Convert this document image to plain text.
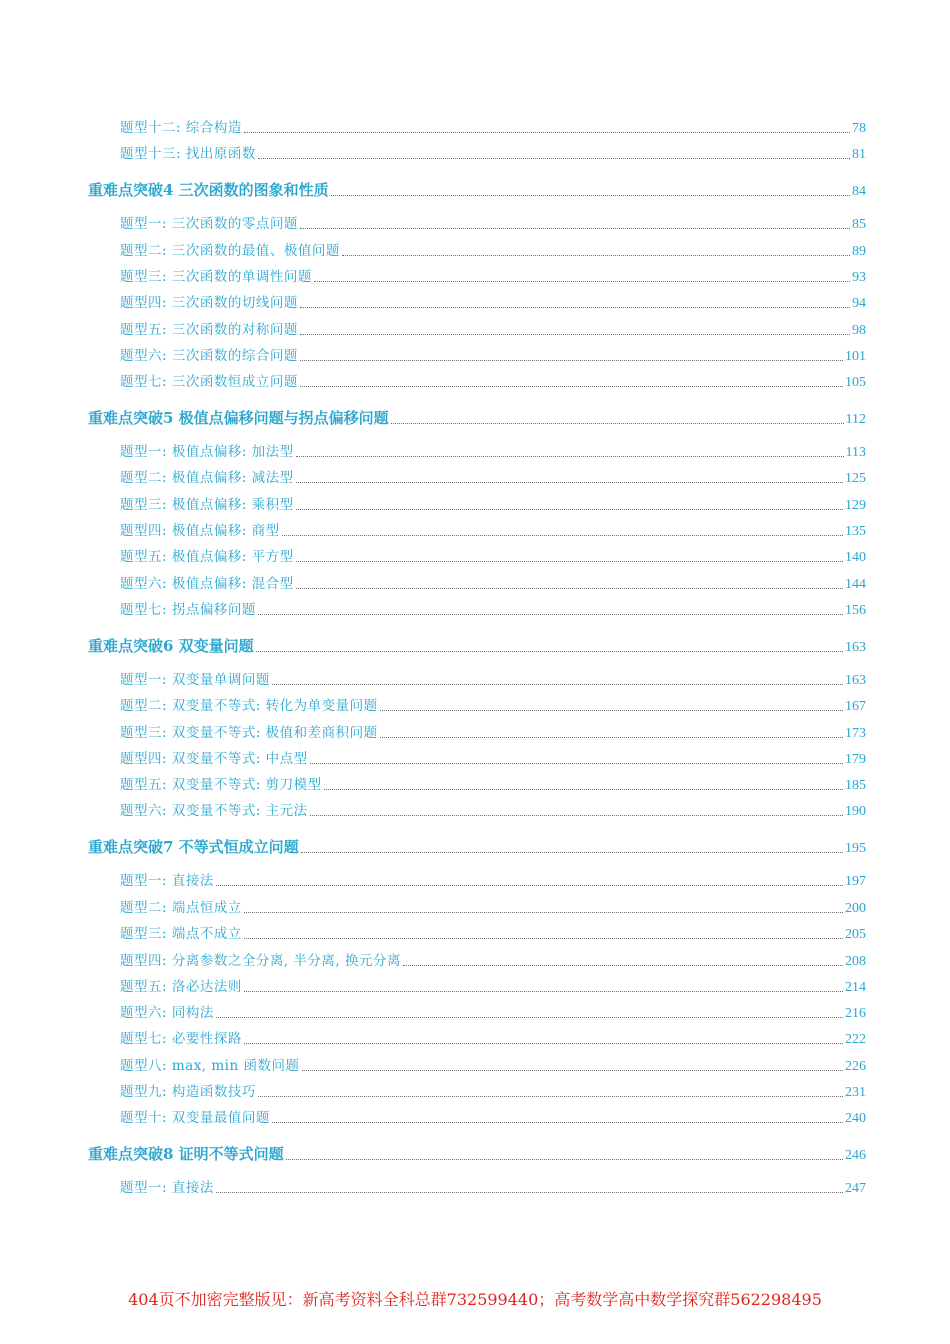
题型十二: 综合构造	78
题型十三: 找出原函数	81
重难点突破4 三次函数的图象和性质	84
题型一: 三次函数的零点问题	85
题型二: 三次函数的最值、极值问题	89
题型三: 三次函数的单调性问题	93
题型四: 三次函数的切线问题	94
题型五: 三次函数的对称问题	98
题型六: 三次函数的综合问题	101
题型七: 三次函数恒成立问题	105
重难点突破5 极值点偏移问题与拐点偏移问题	112
题型一: 极值点偏移: 加法型	113
题型二: 极值点偏移: 减法型	125
题型三: 极值点偏移: 乘积型	129
题型四: 极值点偏移: 商型	135
题型五: 极值点偏移: 平方型	140
题型六: 极值点偏移: 混合型	144
题型七: 拐点偏移问题	156
重难点突破6 双变量问题	163
题型一: 双变量单调问题	163
题型二: 双变量不等式: 转化为单变量问题	167
题型三: 双变量不等式: 极值和差商积问题	173
题型四: 双变量不等式: 中点型	179
题型五: 双变量不等式: 剪刀模型	185
题型六: 双变量不等式: 主元法	190
重难点突破7 不等式恒成立问题	195
题型一: 直接法	197
题型二: 端点恒成立	200
题型三: 端点不成立	205
题型四: 分离参数之全分离, 半分离, 换元分离	208
题型五: 洛必达法则	214
题型六: 同构法	216
题型七: 必要性探路	222
题型八: max, min 函数问题	226
题型九: 构造函数技巧	231
题型十: 双变量最值问题	240
重难点突破8 证明不等式问题	246
题型一: 直接法	247
404页不加密完整版见：新高考资料全科总群732599440；高考数学高中数学探究群562298495
